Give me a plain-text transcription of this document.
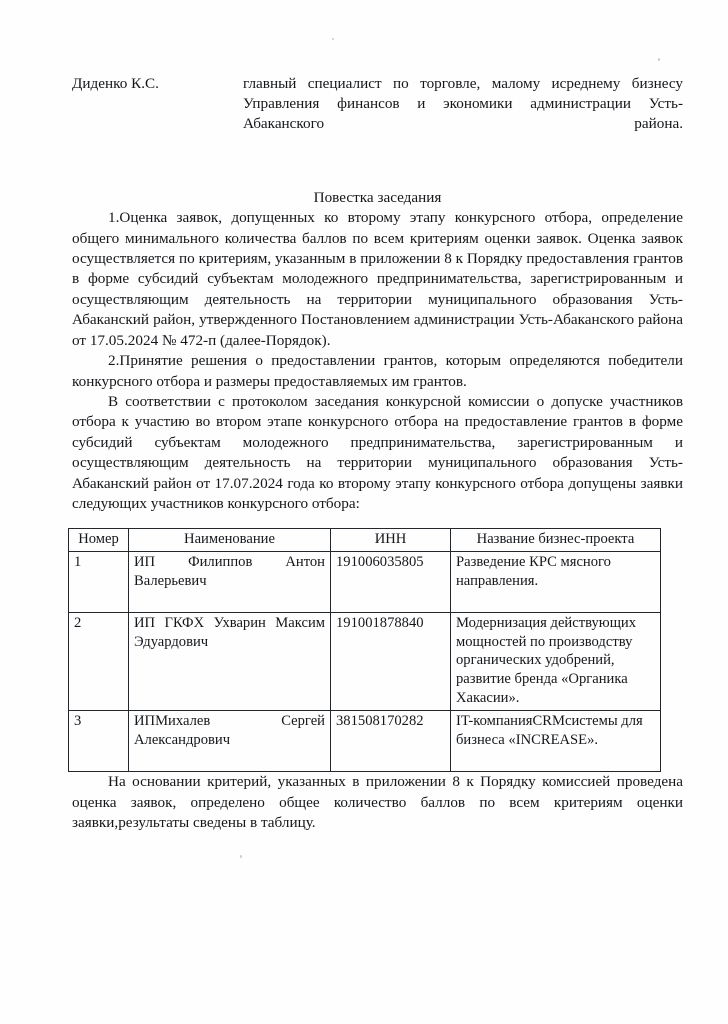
Диденко К.С.	главный специалист по торговле, малому исреднему бизнесу Управления финансов и экономики администрации Усть-Абаканского района.
Повестка заседания

1.Оценка заявок, допущенных ко второму этапу конкурсного отбора, определение общего минимального количества баллов по всем критериям оценки заявок. Оценка заявок осуществляется по критериям, указанным в приложении 8 к Порядку предоставления грантов в форме субсидий субъектам молодежного предпринимательства, зарегистрированным и осуществляющим деятельность на территории муниципального образования Усть-Абаканский район, утвержденного Постановлением администрации Усть-Абаканского района от 17.05.2024 № 472-п (далее-Порядок).

2.Принятие решения о предоставлении грантов, которым определяются победители конкурсного отбора и размеры предоставляемых им грантов.

В соответствии с протоколом заседания конкурсной комиссии о допуске участников отбора к участию во втором этапе конкурсного отбора на предоставление грантов в форме субсидий субъектам молодежного предпринимательства, зарегистрированным и осуществляющим деятельность на территории муниципального образования Усть-Абаканский район от 17.07.2024 года ко второму этапу конкурсного отбора допущены заявки следующих участников конкурсного отбора:

Номер	Наименование	ИНН	Название бизнес-проекта
1	ИП Филиппов Антон Валерьевич	191006035805	Разведение КРС мясного направления.
2	ИП ГКФХ Ухварин Максим Эдуардович	191001878840	Модернизация действующих мощностей по производству органических удобрений, развитие бренда «Органика Хакасии».
3	ИПМихалев Сергей Александрович	381508170282	IT-компанияCRMсистемы для бизнеса «INCREASE».

На основании критерий, указанных в приложении 8 к Порядку комиссией проведена оценка заявок, определено общее количество баллов по всем критериям оценки заявки,результаты сведены в таблицу.
